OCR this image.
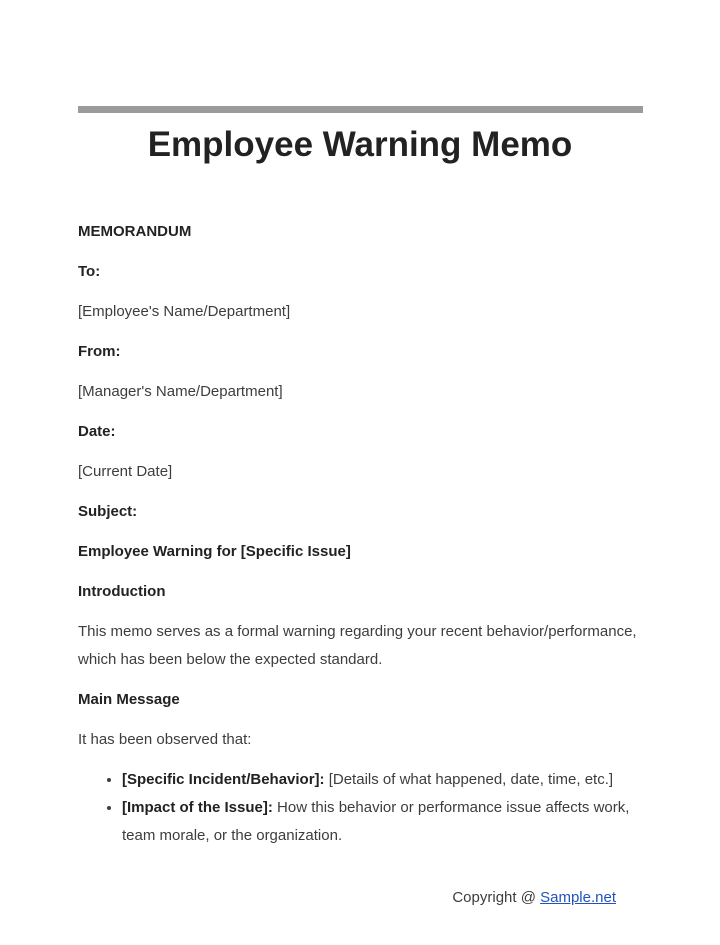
Employee Warning Memo

MEMORANDUM

To:

[Employee's Name/Department]

From:

[Manager's Name/Department]

Date:

[Current Date]

Subject:

Employee Warning for [Specific Issue]

Introduction

This memo serves as a formal warning regarding your recent behavior/performance, which has been below the expected standard.

Main Message

It has been observed that:

• [Specific Incident/Behavior]: [Details of what happened, date, time, etc.]
• [Impact of the Issue]: How this behavior or performance issue affects work, team morale, or the organization.
Copyright @ Sample.net
